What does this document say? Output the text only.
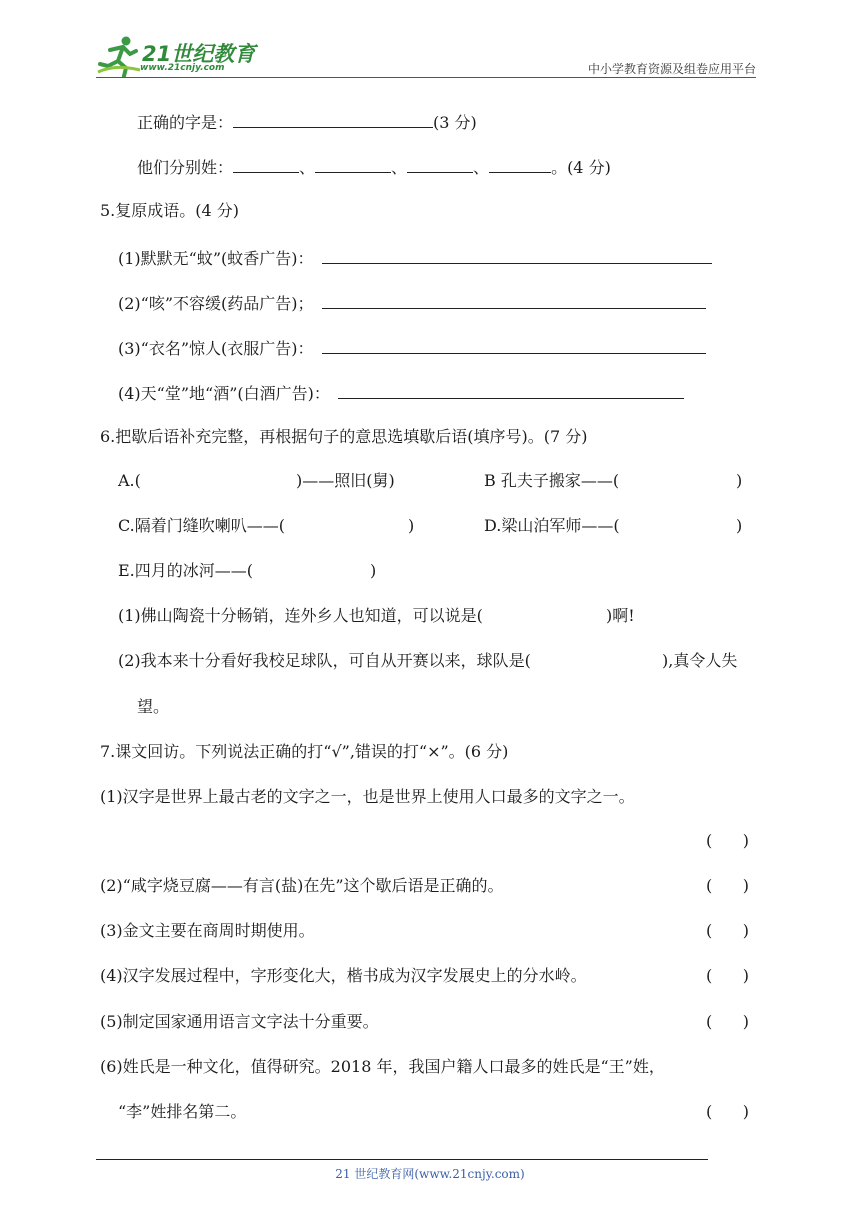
21世纪教育
www.21cnjy.com	中小学教育资源及组卷应用平台
正确的字是：	(3 分)
他们分别姓：	、	、	、	。(4 分)
5.复原成语。(4 分)
(1)默默无“蚊”(蚊香广告)：
(2)“咳”不容缓(药品广告)；
(3)“衣名”惊人(衣服广告)：
(4)天“堂”地“酒”(白酒广告)：
6.把歇后语补充完整，再根据句子的意思选填歇后语(填序号)。(7 分)
A.(	)——照旧(舅)	B 孔夫子搬家——(	)
C.隔着门缝吹喇叭——(	)	D.梁山泊军师——(	)
E.四月的冰河——(	)
(1)佛山陶瓷十分畅销，连外乡人也知道，可以说是(	)啊!
(2)我本来十分看好我校足球队，可自从开赛以来，球队是(	),真令人失
望。
7.课文回访。下列说法正确的打“√”,错误的打“×”。(6 分)
(1)汉字是世界上最古老的文字之一，也是世界上使用人口最多的文字之一。
(      )
(2)“咸字烧豆腐——有言(盐)在先”这个歇后语是正确的。	(      )
(3)金文主要在商周时期使用。	(      )
(4)汉字发展过程中，字形变化大，楷书成为汉字发展史上的分水岭。	(      )
(5)制定国家通用语言文字法十分重要。	(      )
(6)姓氏是一种文化，值得研究。2018 年，我国户籍人口最多的姓氏是“王”姓，
“李”姓排名第二。	(      )
21 世纪教育网(www.21cnjy.com)
